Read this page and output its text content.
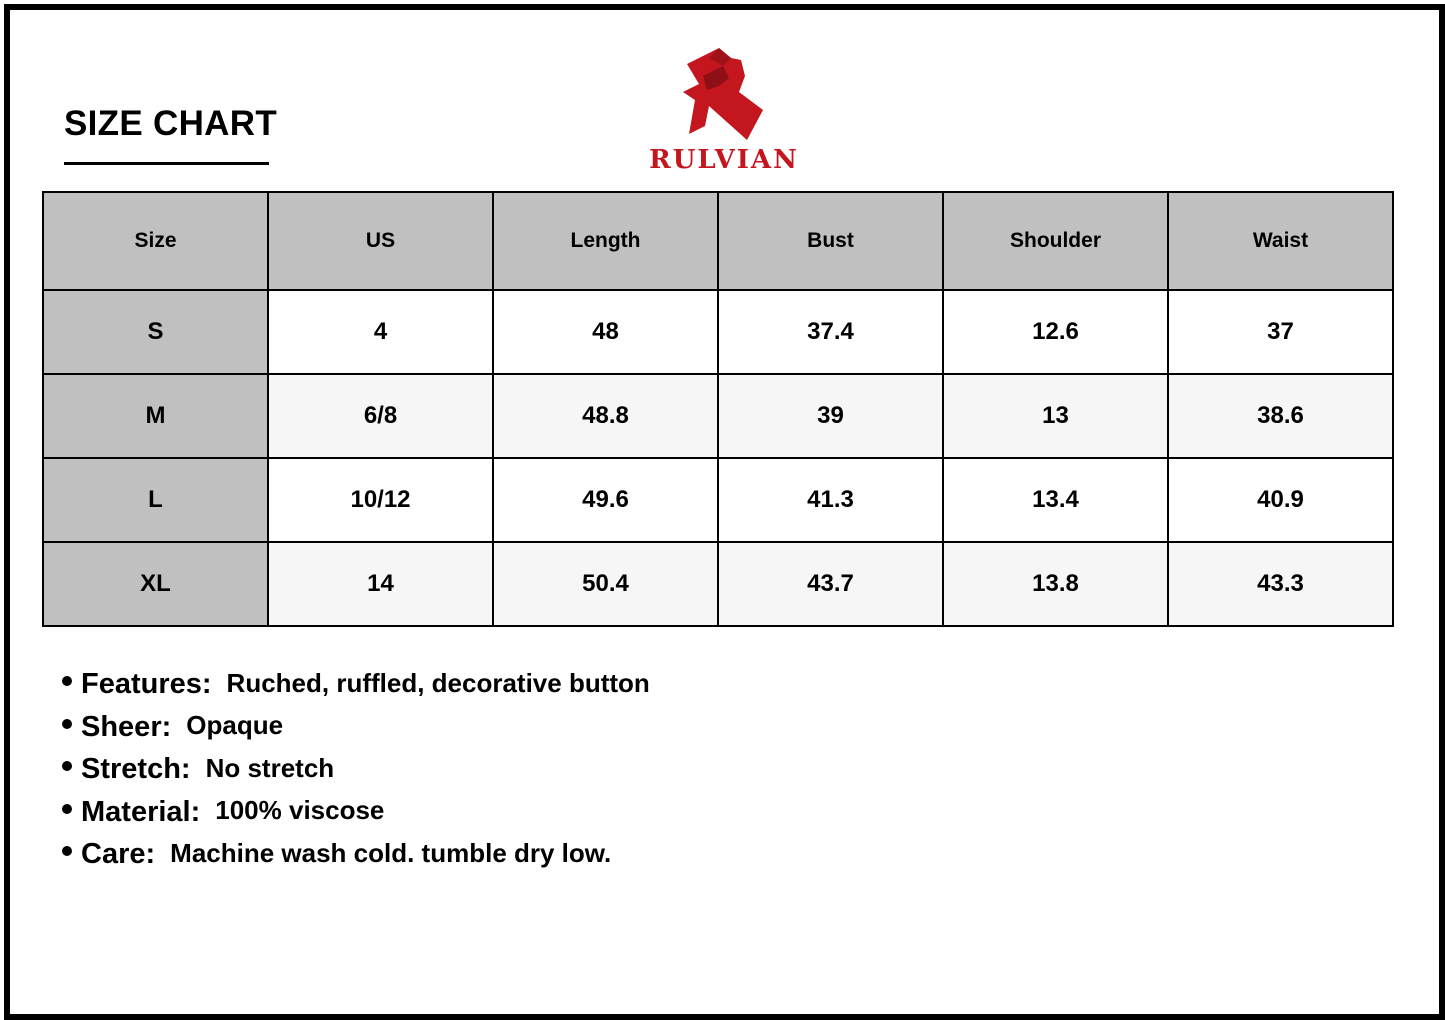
SIZE CHART
RULVIAN
Size	US	Length	Bust	Shoulder	Waist
S	4	48	37.4	12.6	37
M	6/8	48.8	39	13	38.6
L	10/12	49.6	41.3	13.4	40.9
XL	14	50.4	43.7	13.8	43.3
Features: Ruched, ruffled, decorative button
Sheer: Opaque
Stretch: No stretch
Material: 100% viscose
Care: Machine wash cold. tumble dry low.
